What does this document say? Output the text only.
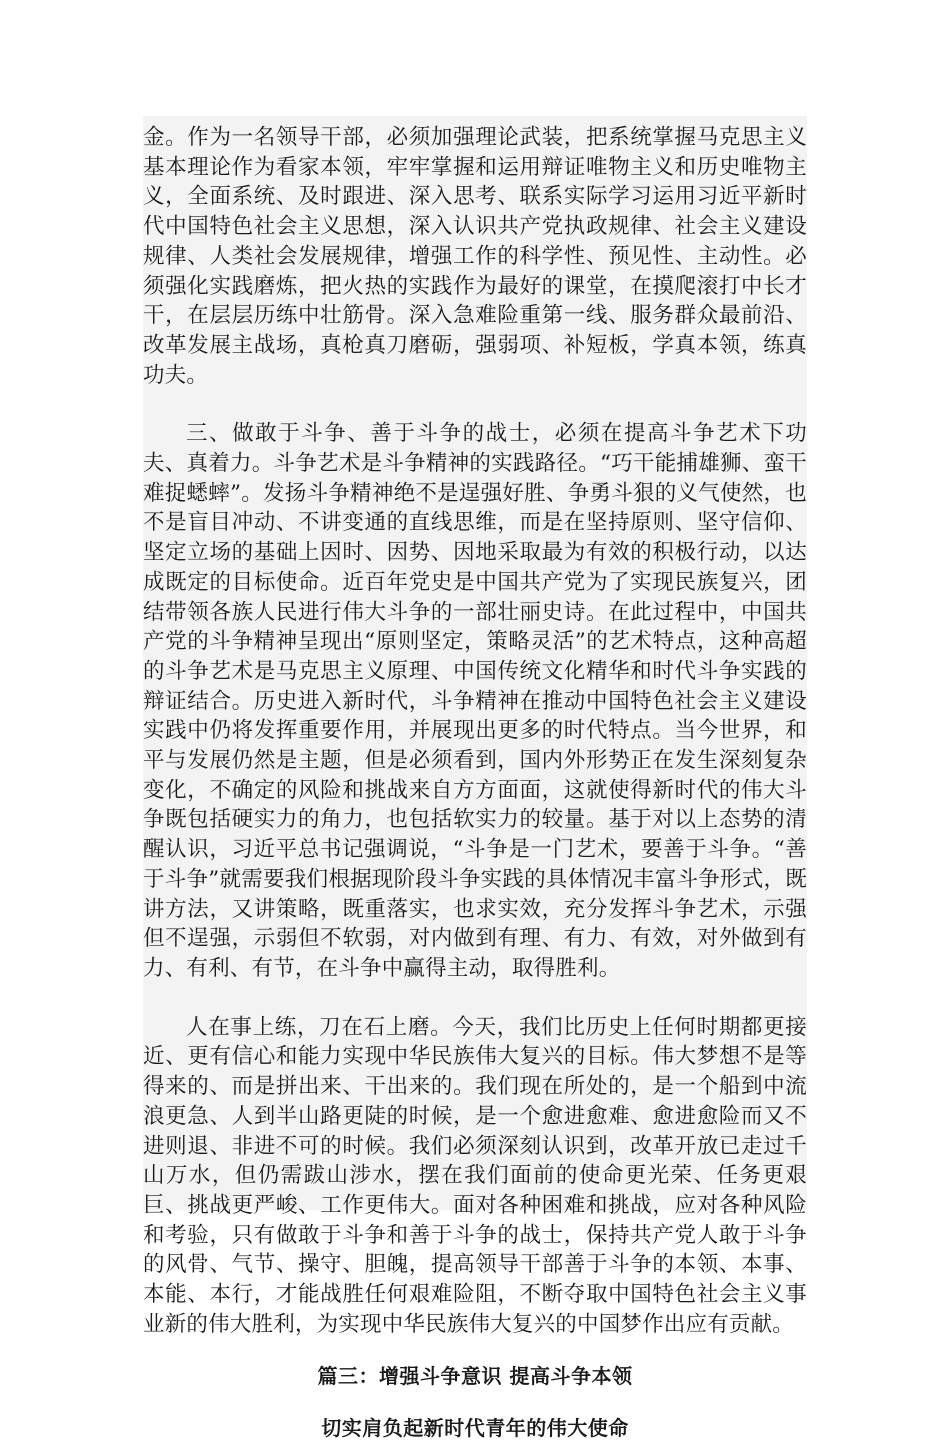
金。作为一名领导干部，必须加强理论武装，把系统掌握马克思主义基本理论作为看家本领，牢牢掌握和运用辩证唯物主义和历史唯物主义，全面系统、及时跟进、深入思考、联系实际学习运用习近平新时代中国特色社会主义思想，深入认识共产党执政规律、社会主义建设规律、人类社会发展规律，增强工作的科学性、预见性、主动性。必须强化实践磨炼，把火热的实践作为最好的课堂，在摸爬滚打中长才干，在层层历练中壮筋骨。深入急难险重第一线、服务群众最前沿、改革发展主战场，真枪真刀磨砺，强弱项、补短板，学真本领，练真功夫。

三、做敢于斗争、善于斗争的战士，必须在提高斗争艺术下功夫、真着力。斗争艺术是斗争精神的实践路径。“巧干能捕雄狮、蛮干难捉蟋蟀”。发扬斗争精神绝不是逞强好胜、争勇斗狠的义气使然，也不是盲目冲动、不讲变通的直线思维，而是在坚持原则、坚守信仰、坚定立场的基础上因时、因势、因地采取最为有效的积极行动，以达成既定的目标使命。近百年党史是中国共产党为了实现民族复兴，团结带领各族人民进行伟大斗争的一部壮丽史诗。在此过程中，中国共产党的斗争精神呈现出“原则坚定，策略灵活”的艺术特点，这种高超的斗争艺术是马克思主义原理、中国传统文化精华和时代斗争实践的辩证结合。历史进入新时代，斗争精神在推动中国特色社会主义建设实践中仍将发挥重要作用，并展现出更多的时代特点。当今世界，和平与发展仍然是主题，但是必须看到，国内外形势正在发生深刻复杂变化，不确定的风险和挑战来自方方面面，这就使得新时代的伟大斗争既包括硬实力的角力，也包括软实力的较量。基于对以上态势的清醒认识，习近平总书记强调说，“斗争是一门艺术，要善于斗争。“善于斗争”就需要我们根据现阶段斗争实践的具体情况丰富斗争形式，既讲方法，又讲策略，既重落实，也求实效，充分发挥斗争艺术，示强但不逞强，示弱但不软弱，对内做到有理、有力、有效，对外做到有力、有利、有节，在斗争中赢得主动，取得胜利。

人在事上练，刀在石上磨。今天，我们比历史上任何时期都更接近、更有信心和能力实现中华民族伟大复兴的目标。伟大梦想不是等得来的、而是拼出来、干出来的。我们现在所处的，是一个船到中流浪更急、人到半山路更陡的时候，是一个愈进愈难、愈进愈险而又不进则退、非进不可的时候。我们必须深刻认识到，改革开放已走过千山万水，但仍需跋山涉水，摆在我们面前的使命更光荣、任务更艰巨、挑战更严峻、工作更伟大。面对各种困难和挑战，应对各种风险和考验，只有做敢于斗争和善于斗争的战士，保持共产党人敢于斗争的风骨、气节、操守、胆魄，提高领导干部善于斗争的本领、本事、本能、本行，才能战胜任何艰难险阻，不断夺取中国特色社会主义事业新的伟大胜利，为实现中华民族伟大复兴的中国梦作出应有贡献。

篇三：增强斗争意识 提高斗争本领
切实肩负起新时代青年的伟大使命
